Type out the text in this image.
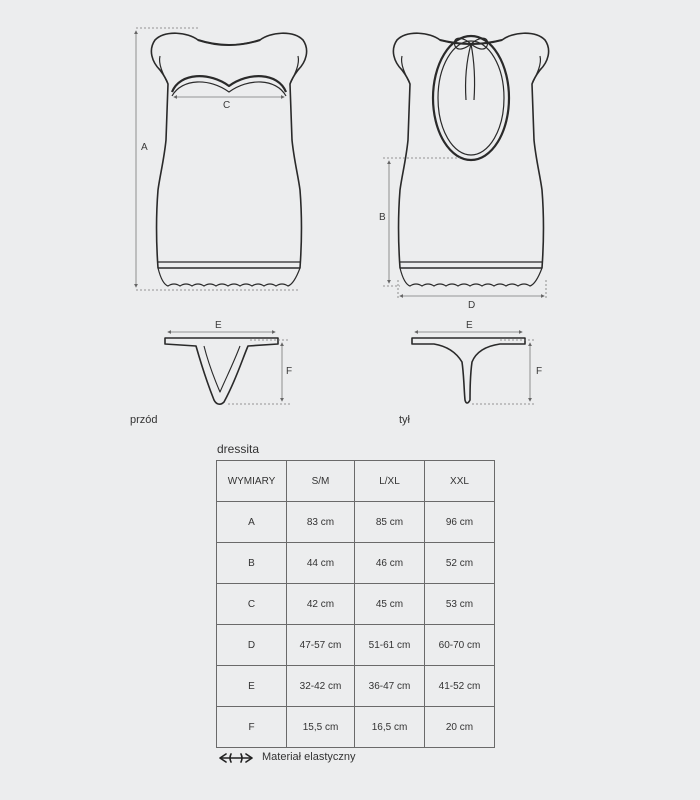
A
C
B
D
E	E
F	F
przód	tył
dressita
WYMIARY	S/M	L/XL	XXL
A	83 cm	85 cm	96 cm
B	44 cm	46 cm	52 cm
C	42 cm	45 cm	53 cm
D	47-57 cm	51-61 cm	60-70 cm
E	32-42 cm	36-47 cm	41-52 cm
F	15,5 cm	16,5 cm	20 cm
Materiał elastyczny
